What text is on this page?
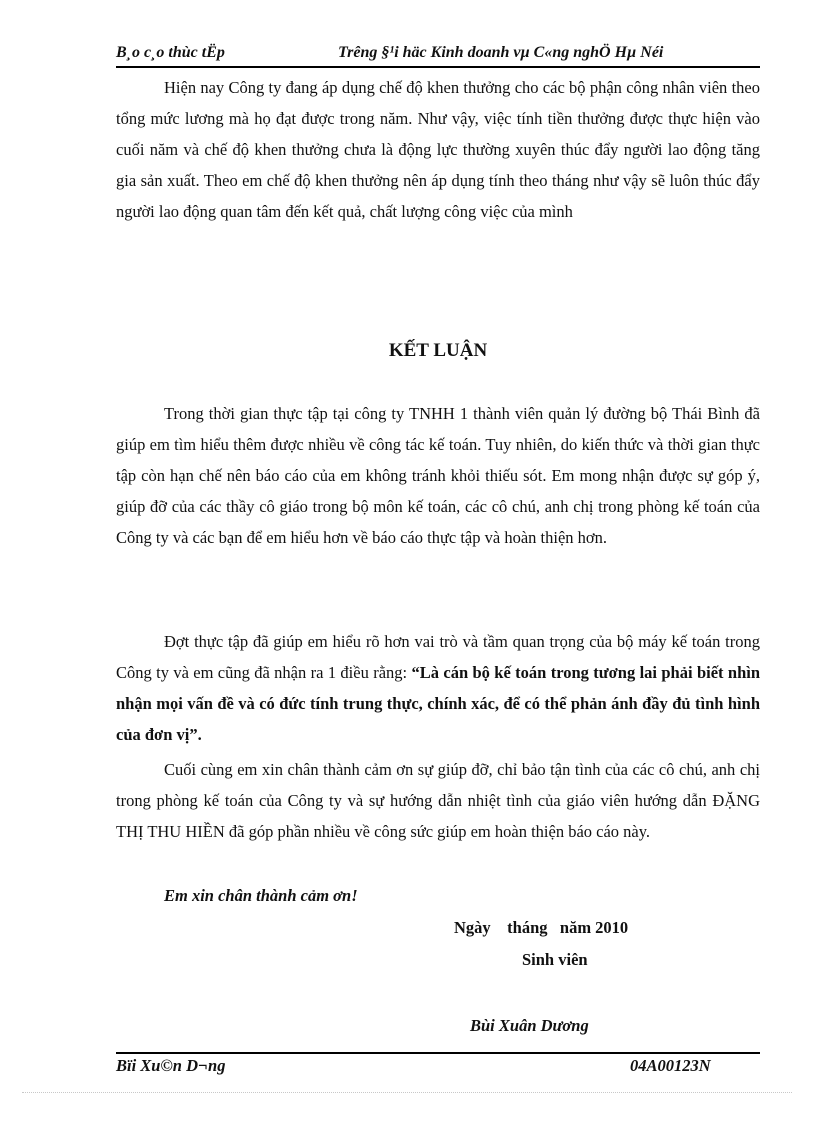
B¸o c¸o thùc tËp	Trêng §¹i häc Kinh doanh vµ C«ng nghÖ Hµ Néi

Hiện nay Công ty đang áp dụng chế độ khen thưởng cho các bộ phận công nhân viên theo tổng mức lương mà họ đạt được trong năm. Như vậy, việc tính tiền thưởng được thực hiện vào cuối năm và chế độ khen thưởng chưa là động lực thường xuyên thúc đẩy người lao động tăng gia sản xuất. Theo em chế độ khen thưởng nên áp dụng tính theo tháng như vậy sẽ luôn thúc đẩy người lao động quan tâm đến kết quả, chất lượng công việc của mình

KẾT LUẬN

Trong thời gian thực tập tại công ty TNHH 1 thành viên quản lý đường bộ Thái Bình đã giúp em tìm hiểu thêm được nhiều về công tác kế toán. Tuy nhiên, do kiến thức và thời gian thực tập còn hạn chế nên báo cáo của em không tránh khỏi thiếu sót. Em mong nhận được sự góp ý, giúp đỡ của các thầy cô giáo trong bộ môn kế toán, các cô chú, anh chị trong phòng kế toán của Công ty và các bạn để em hiểu hơn về báo cáo thực tập và hoàn thiện hơn.

Đợt thực tập đã giúp em hiểu rõ hơn vai trò và tầm quan trọng của bộ máy kế toán trong Công ty và em cũng đã nhận ra 1 điều rằng: “Là cán bộ kế toán trong tương lai phải biết nhìn nhận mọi vấn đề và có đức tính trung thực, chính xác, để có thể phản ánh đầy đủ tình hình của đơn vị”.

Cuối cùng em xin chân thành cảm ơn sự giúp đỡ, chỉ bảo tận tình của các cô chú, anh chị trong phòng kế toán của Công ty và sự hướng dẫn nhiệt tình của giáo viên hướng dẫn ĐẶNG THỊ THU HIỀN đã góp phần nhiều về công sức giúp em hoàn thiện báo cáo này.

Em xin chân thành cảm ơn!

Ngày    tháng   năm 2010
Sinh viên
Bùi Xuân Dương
Bïi Xu©n D¬ng	04A00123N
